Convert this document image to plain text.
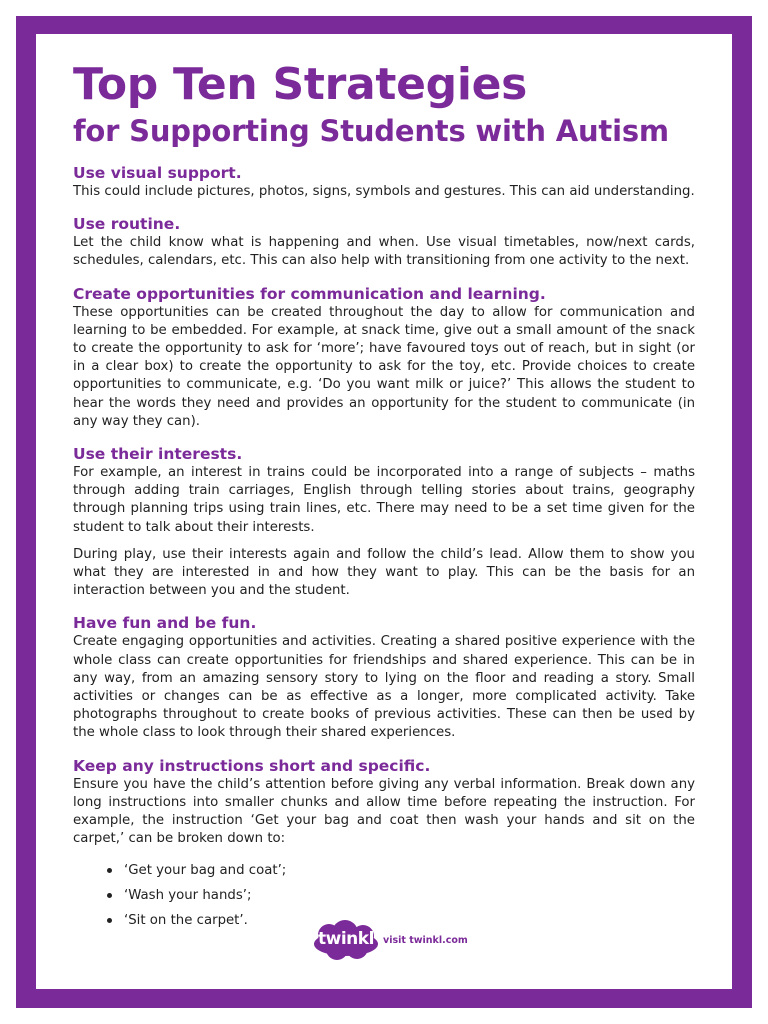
Top Ten Strategies
for Supporting Students with Autism
Use visual support.

This could include pictures, photos, signs, symbols and gestures. This can aid understanding.

Use routine.

Let the child know what is happening and when. Use visual timetables, now/next cards, schedules, calendars, etc. This can also help with transitioning from one activity to the next.

Create opportunities for communication and learning.

These opportunities can be created throughout the day to allow for communication and learning to be embedded. For example, at snack time, give out a small amount of the snack to create the opportunity to ask for ‘more’; have favoured toys out of reach, but in sight (or in a clear box) to create the opportunity to ask for the toy, etc. Provide choices to create opportunities to communicate, e.g. ‘Do you want milk or juice?’ This allows the student to hear the words they need and provides an opportunity for the student to communicate (in any way they can).

Use their interests.

For example, an interest in trains could be incorporated into a range of subjects – maths through adding train carriages, English through telling stories about trains, geography through planning trips using train lines, etc. There may need to be a set time given for the student to talk about their interests.

During play, use their interests again and follow the child’s lead. Allow them to show you what they are interested in and how they want to play. This can be the basis for an interaction between you and the student.

Have fun and be fun.

Create engaging opportunities and activities. Creating a shared positive experience with the whole class can create opportunities for friendships and shared experience. This can be in any way, from an amazing sensory story to lying on the floor and reading a story. Small activities or changes can be as effective as a longer, more complicated activity. Take photographs throughout to create books of previous activities. These can then be used by the whole class to look through their shared experiences.

Keep any instructions short and specific.

Ensure you have the child’s attention before giving any verbal information. Break down any long instructions into smaller chunks and allow time before repeating the instruction. For example, the instruction ‘Get your bag and coat then wash your hands and sit on the carpet,’ can be broken down to:

‘Get your bag and coat’;
‘Wash your hands’;
‘Sit on the carpet’.
twinkl visit twinkl.com
